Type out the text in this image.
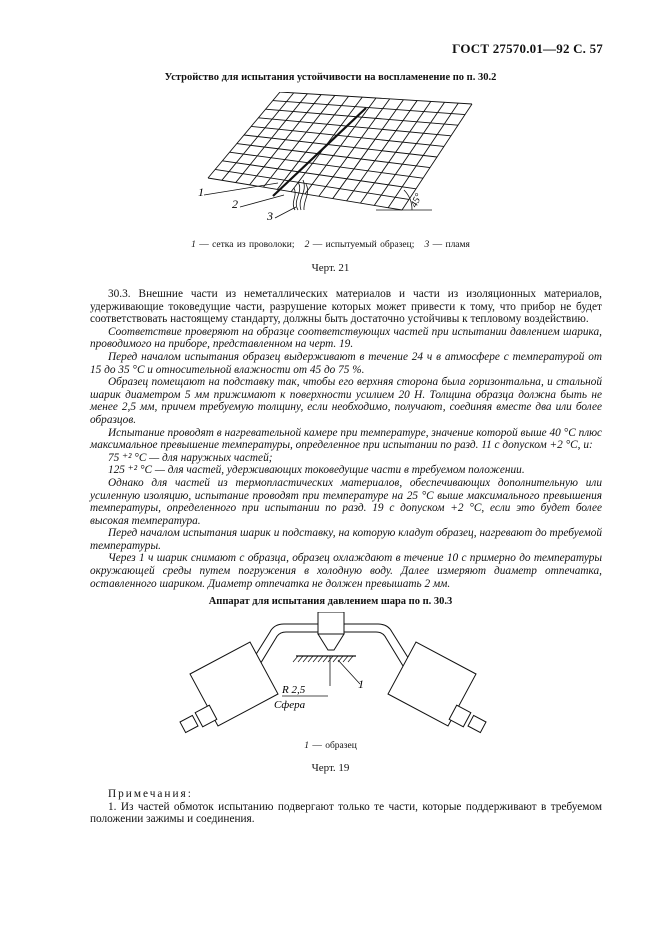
ГОСТ 27570.01—92 С. 57
Устройство для испытания устойчивости на воспламенение по п. 30.2
1
2
3
45°
1 — сетка из проволоки; 2 — испытуемый образец; 3 — пламя
Черт. 21

30.3. Внешние части из неметаллических материалов и части из изоляционных материалов, удерживающие токоведущие части, разрушение которых может привести к тому, что прибор не будет соответствовать настоящему стандарту, должны быть достаточно устойчивы к тепловому воздействию.

Соответствие проверяют на образце соответствующих частей при испытании давлением шарика, проводимого на приборе, представленном на черт. 19.

Перед началом испытания образец выдерживают в течение 24 ч в атмосфере с температурой от 15 до 35 °С и относительной влажности от 45 до 75 %.

Образец помещают на подставку так, чтобы его верхняя сторона была горизонтальна, и стальной шарик диаметром 5 мм прижимают к поверхности усилием 20 Н. Толщина образца должна быть не менее 2,5 мм, причем требуемую толщину, если необходимо, получают, соединяя вместе два или более образцов.

Испытание проводят в нагревательной камере при температуре, значение которой выше 40 °С плюс максимальное превышение температуры, определенное при испытании по разд. 11 с допуском +2 °С, и:

75 ⁺² °С — для наружных частей;

125 ⁺² °С — для частей, удерживающих токоведущие части в требуемом положении.

Однако для частей из термопластических материалов, обеспечивающих дополнительную или усиленную изоляцию, испытание проводят при температуре на 25 °С выше максимального превышения температуры, определенного при испытании по разд. 19 с допуском +2 °С, если это будет более высокая температура.

Перед началом испытания шарик и подставку, на которую кладут образец, нагревают до требуемой температуры.

Через 1 ч шарик снимают с образца, образец охлаждают в течение 10 с примерно до температуры окружающей среды путем погружения в холодную воду. Далее измеряют диаметр отпечатка, оставленного шариком. Диаметр отпечатка не должен превышать 2 мм.

Аппарат для испытания давлением шара по п. 30.3
R 2,5
Сфера
1
1 — образец
Черт. 19

Примечания:

1. Из частей обмоток испытанию подвергают только те части, которые поддерживают в требуемом положении зажимы и соединения.
